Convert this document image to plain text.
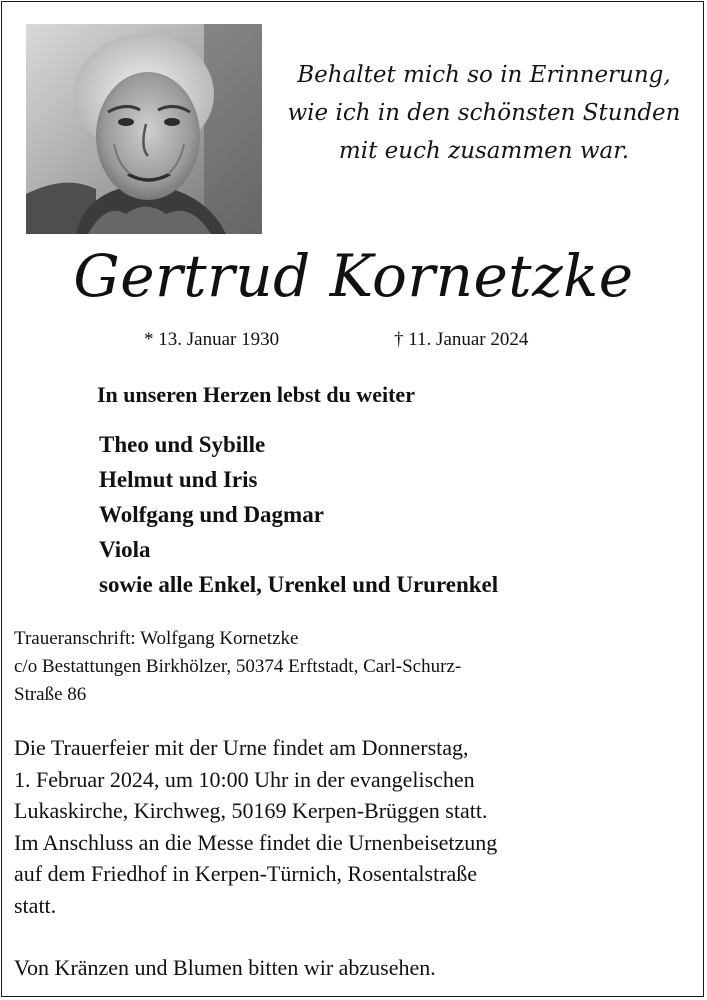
Behaltet mich so in Erinnerung,
wie ich in den schönsten Stunden
mit euch zusammen war.
Gertrud Kornetzke
* 13. Januar 1930	† 11. Januar 2024
In unseren Herzen lebst du weiter
Theo und Sybille
Helmut und Iris
Wolfgang und Dagmar
Viola
sowie alle Enkel, Urenkel und Ururenkel
Traueranschrift: Wolfgang Kornetzke
c/o Bestattungen Birkhölzer, 50374 Erftstadt, Carl-Schurz-
Straße 86
Die Trauerfeier mit der Urne findet am Donnerstag,
1. Februar 2024, um 10:00 Uhr in der evangelischen
Lukaskirche, Kirchweg, 50169 Kerpen-Brüggen statt.
Im Anschluss an die Messe findet die Urnenbeisetzung
auf dem Friedhof in Kerpen-Türnich, Rosentalstraße
statt.
Von Kränzen und Blumen bitten wir abzusehen.
